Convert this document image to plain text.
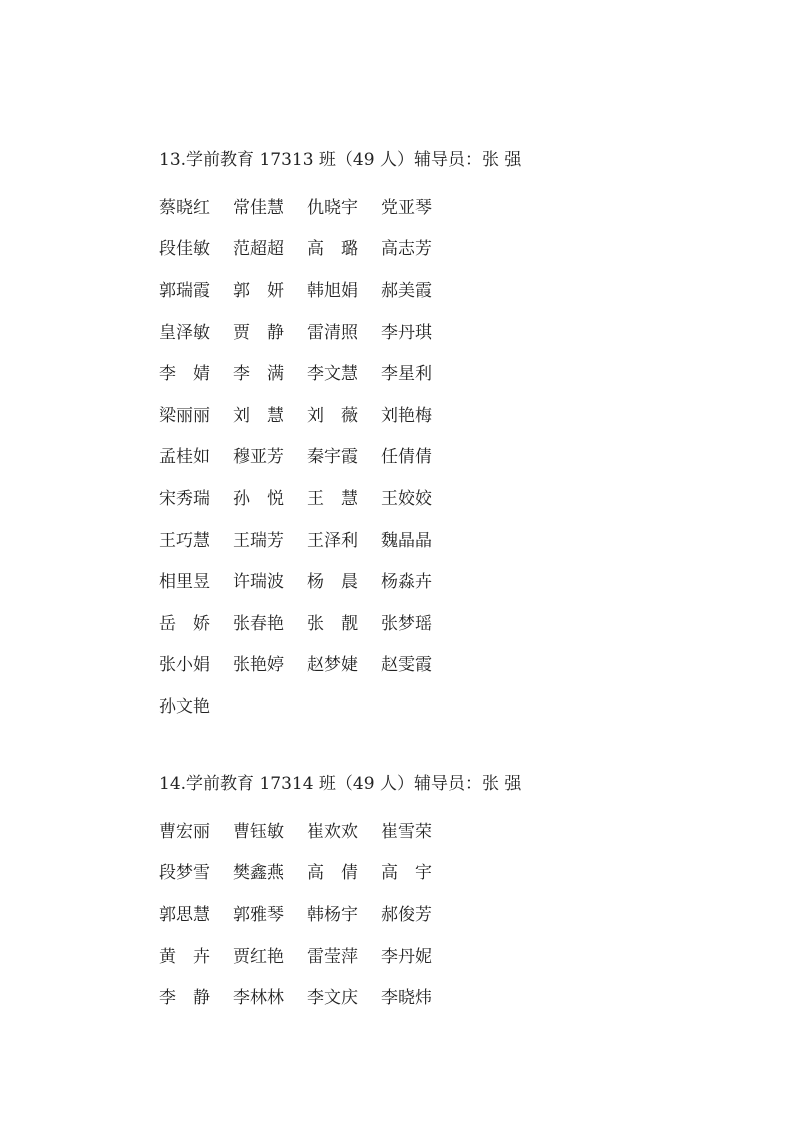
13.学前教育 17313 班（49 人）辅导员：张 强
蔡晓红	常佳慧	仇晓宇	党亚琴
段佳敏	范超超	高　璐	高志芳
郭瑞霞	郭　妍	韩旭娟	郝美霞
皇泽敏	贾　静	雷清照	李丹琪
李　婧	李　满	李文慧	李星利
梁丽丽	刘　慧	刘　薇	刘艳梅
孟桂如	穆亚芳	秦宇霞	任倩倩
宋秀瑞	孙　悦	王　慧	王姣姣
王巧慧	王瑞芳	王泽利	魏晶晶
相里昱	许瑞波	杨　晨	杨淼卉
岳　娇	张春艳	张　靓	张梦瑶
张小娟	张艳婷	赵梦婕	赵雯霞
孙文艳
14.学前教育 17314 班（49 人）辅导员：张 强
曹宏丽	曹钰敏	崔欢欢	崔雪荣
段梦雪	樊鑫燕	高　倩	高　宇
郭思慧	郭雅琴	韩杨宇	郝俊芳
黄　卉	贾红艳	雷莹萍	李丹妮
李　静	李林林	李文庆	李晓炜
